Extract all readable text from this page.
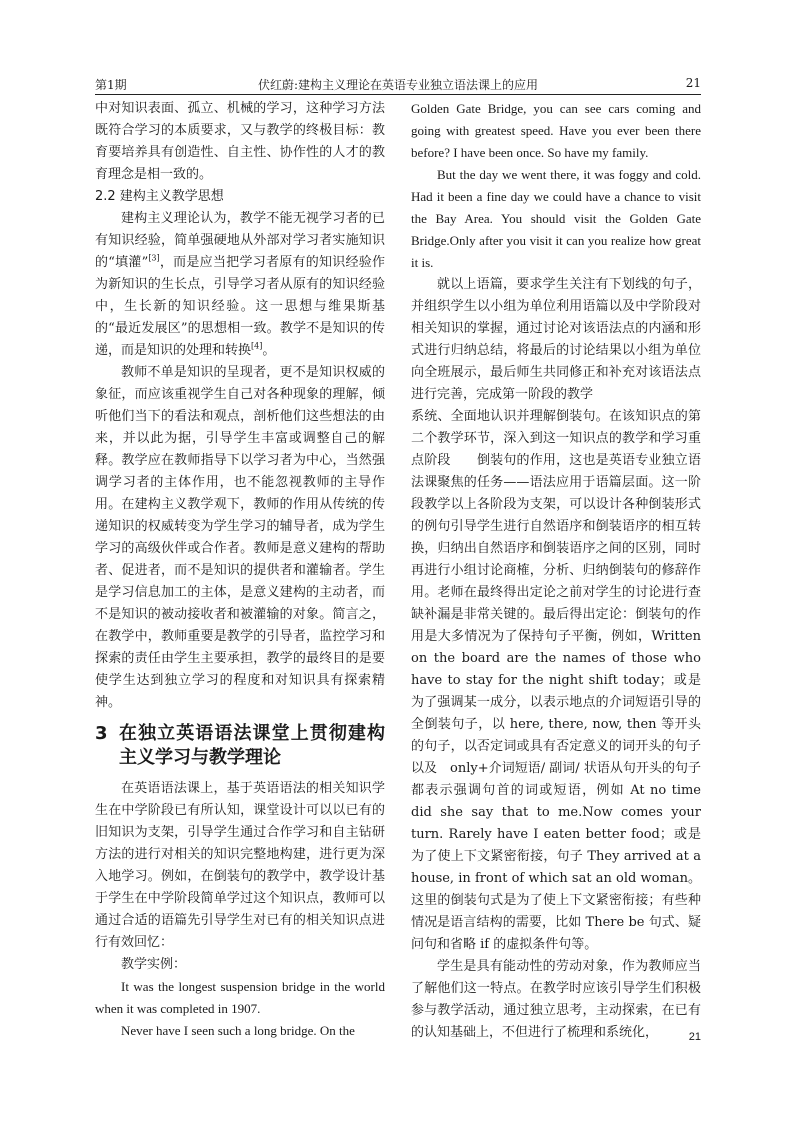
第1期	伏红蔚:建构主义理论在英语专业独立语法课上的应用	21

中对知识表面、孤立、机械的学习，这种学习方法既符合学习的本质要求，又与教学的终极目标：教育要培养具有创造性、自主性、协作性的人才的教育理念是相一致的。

2.2 建构主义教学思想

建构主义理论认为，教学不能无视学习者的已有知识经验，简单强硬地从外部对学习者实施知识的“填灌”[3]，而是应当把学习者原有的知识经验作为新知识的生长点，引导学习者从原有的知识经验中，生长新的知识经验。这一思想与维果斯基的“最近发展区”的思想相一致。教学不是知识的传递，而是知识的处理和转换[4]。

教师不单是知识的呈现者，更不是知识权威的象征，而应该重视学生自己对各种现象的理解，倾听他们当下的看法和观点，剖析他们这些想法的由来，并以此为据，引导学生丰富或调整自己的解释。教学应在教师指导下以学习者为中心，当然强调学习者的主体作用，也不能忽视教师的主导作用。在建构主义教学观下，教师的作用从传统的传递知识的权威转变为学生学习的辅导者，成为学生学习的高级伙伴或合作者。教师是意义建构的帮助者、促进者，而不是知识的提供者和灌输者。学生是学习信息加工的主体，是意义建构的主动者，而不是知识的被动接收者和被灌输的对象。简言之， 在教学中，教师重要是教学的引导者，监控学习和探索的责任由学生主要承担，教学的最终目的是要使学生达到独立学习的程度和对知识具有探索精神。

3 在独立英语语法课堂上贯彻建构主义学习与教学理论

在英语语法课上，基于英语语法的相关知识学生在中学阶段已有所认知，课堂设计可以以已有的旧知识为支架，引导学生通过合作学习和自主钻研方法的进行对相关的知识完整地构建，进行更为深入地学习。例如，在倒装句的教学中，教学设计基于学生在中学阶段简单学过这个知识点，教师可以通过合适的语篇先引导学生对已有的相关知识点进行有效回忆：

教学实例：

It was the longest suspension bridge in the world when it was completed in 1907.

Never have I seen such a long bridge. On the

Golden Gate Bridge, you can see cars coming and going with greatest speed. Have you ever been there before? I have been once. So have my family.

But the day we went there, it was foggy and cold. Had it been a fine day we could have a chance to visit the Bay Area. You should visit the Golden Gate Bridge.Only after you visit it can you realize how great it is.

就以上语篇，要求学生关注有下划线的句子，并组织学生以小组为单位利用语篇以及中学阶段对相关知识的掌握，通过讨论对该语法点的内涵和形式进行归纳总结，将最后的讨论结果以小组为单位向全班展示，最后师生共同修正和补充对该语法点进行完善，完成第一阶段的教学

系统、全面地认识并理解倒装句。在该知识点的第二个教学环节，深入到这一知识点的教学和学习重点阶段　　倒装句的作用，这也是英语专业独立语法课聚焦的任务——语法应用于语篇层面。这一阶段教学以上各阶段为支架，可以设计各种倒装形式的例句引导学生进行自然语序和倒装语序的相互转换，归纳出自然语序和倒装语序之间的区别，同时再进行小组讨论商榷，分析、归纳倒装句的修辞作用。老师在最终得出定论之前对学生的讨论进行查缺补漏是非常关键的。最后得出定论：倒装句的作用是大多情况为了保持句子平衡，例如，Written on the board are the names of those who have to stay for the night shift today；或是为了强调某一成分，以表示地点的介词短语引导的全倒装句子，以 here, there, now, then 等开头的句子，以否定词或具有否定意义的词开头的句子以及　only+介词短语/ 副词/ 状语从句开头的句子都表示强调句首的词或短语，例如 At no time did she say that to me.Now comes your turn. Rarely have I eaten better food；或是为了使上下文紧密衔接，句子 They arrived at a house, in front of which sat an old woman。这里的倒装句式是为了使上下文紧密衔接；有些种情况是语言结构的需要，比如 There be 句式、疑问句和省略 if 的虚拟条件句等。

学生是具有能动性的劳动对象，作为教师应当了解他们这一特点。在教学时应该引导学生们积极参与教学活动，通过独立思考，主动探索，在已有的认知基础上，不但进行了梳理和系统化，	21
